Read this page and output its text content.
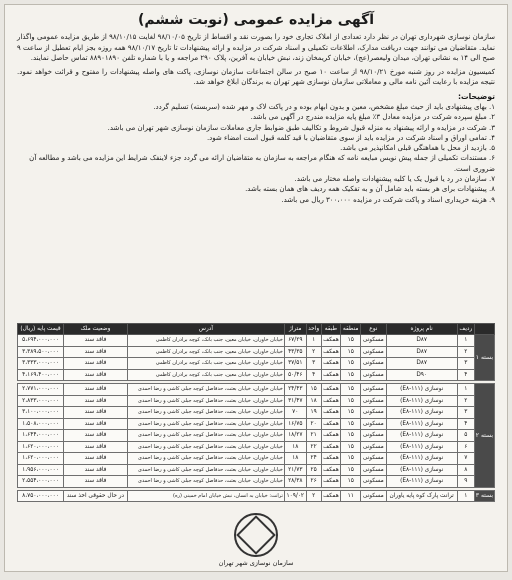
آگهی مزایده عمومی (نوبت ششم)

سازمان نوسازی شهرداری تهران در نظر دارد تعدادی از املاک تجاری خود را بصورت نقد و اقساط از تاریخ ۹۸/۱۰/۰۵ لغایت ۹۸/۱۰/۱۵ از طریق مزایده عمومی واگذار نماید. متقاضیان می توانند جهت دریافت مدارک، اطلاعات تکمیلی و اسناد شرکت در مزایده و ارائه پیشنهادات تا تاریخ ۹۸/۱۰/۱۷ همه روزه بجز ایام تعطیل از ساعت ۹ صبح الی ۱۴ به نشانی تهران، میدان ولیعصر(عج)، خیابان کریمخان زند، نبش خیابان به آفرین، پلاک ۲۹۰ مراجعه و یا با شماره تلفن ۸۸۹۰۱۸۹۰ تماس حاصل نمایند.

کمیسیون مزایده در روز شنبه مورخ ۹۸/۱۰/۲۱ از ساعت ۱۰ صبح در سالن اجتماعات سازمان نوسازی، پاکت های واصله پیشنهادات را مفتوح و قرائت خواهد نمود. نتیجه مزایده با رعایت آئین نامه مالی و معاملاتی سازمان نوسازی شهر تهران به برندگان ابلاغ خواهد شد.

توضیحات:
۱. بهای پیشنهادی باید از حیث مبلغ مشخص، معین و بدون ابهام بوده و در پاکت لاک و مهر شده (سربسته) تسلیم گردد.
۲. مبلغ سپرده شرکت در مزایده معادل ۳٪ مبلغ پایه مزایده مندرج در آگهی می باشد.
۳. شرکت در مزایده و ارائه پیشنهاد به منزله قبول شروط و تکالیف طبق ضوابط جاری معاملات سازمان نوسازی شهر تهران می باشد.
۴. تمامی اوراق و اسناد شرکت در مزایده باید از سوی متقاضیان با قید کلمه قبول است امضاء شود.
۵. بازدید از محل با هماهنگی قبلی امکانپذیر می باشد.
۶. مستندات تکمیلی از جمله پیش نویس مبایعه نامه که هنگام مراجعه به سازمان به متقاضیان ارائه می گردد جزء لاینفک شرایط این مزایده می باشد و مطالعه آن ضروری است.
۷. سازمان در رد یا قبول یک یا کلیه پیشنهادات واصله مختار می باشد.
۸. پیشنهادات برای هر بسته باید شامل آن و به تفکیک همه ردیف های همان بسته باشد.
۹. هزینه خریداری اسناد و پاکت شرکت در مزایده ۳۰۰،۰۰۰ ریال می باشد.
	ردیف	نام پروژه	نوع	منطقه	طبقه	واحد	متراژ	آدرس	وضعیت ملک	قیمت پایه (ریال)
بسته ۱	۱	D۸۷	مسکونی	۱۵	همکف	۱	۶۷/۲۹	خیابان خاوران، خیابان معین، جنب بانک، کوچه برادران کاظمی	فاقد سند	۵،۶۹۴،۰۰۰،۰۰۰
	۲	D۸۷	مسکونی	۱۵	همکف	۲	۴۳/۳۵	خیابان خاوران، خیابان معین، جنب بانک، کوچه برادران کاظمی	فاقد سند	۳،۳۸۹،۵۰۰،۰۰۰
	۳	D۸۷	مسکونی	۱۵	همکف	۳	۳۷/۵۱	خیابان خاوران، خیابان معین، جنب بانک، کوچه برادران کاظمی	فاقد سند	۳،۳۳۳،۰۰۰،۰۰۰
	۴	D۹۰	مسکونی	۱۵	همکف	۴	۵۰/۴۶	خیابان خاوران، خیابان معین، جنب بانک، کوچه برادران کاظمی	فاقد سند	۴،۱۶۹،۴۰۰،۰۰۰

بسته ۲	۱	نوسازی (۱۱۱-E۸)	مسکونی	۱۵	همکف	۱۵	۲۴/۴۳	خیابان خاوران، خیابان بعثت، حدفاصل کوچه جبلی کاشی و رضا احمدی	فاقد سند	۲،۷۷۱،۰۰۰،۰۰۰
	۲	نوسازی (۱۱۱-E۸)	مسکونی	۱۵	همکف	۱۸	۳۱/۴۷	خیابان خاوران، خیابان بعثت، حدفاصل کوچه جبلی کاشی و رضا احمدی	فاقد سند	۲،۸۳۳،۰۰۰،۰۰۰
	۳	نوسازی (۱۱۱-E۸)	مسکونی	۱۵	همکف	۱۹	۷۰	خیابان خاوران، خیابان بعثت، حدفاصل کوچه جبلی کاشی و رضا احمدی	فاقد سند	۳،۱۰۰،۰۰۰،۰۰۰
	۴	نوسازی (۱۱۱-E۸)	مسکونی	۱۵	همکف	۲۰	۱۶/۷۵	خیابان خاوران، خیابان بعثت، حدفاصل کوچه جبلی کاشی و رضا احمدی	فاقد سند	۱،۵۰۸،۰۰۰،۰۰۰
	۵	نوسازی (۱۱۱-E۸)	مسکونی	۱۵	همکف	۲۱	۱۸/۲۷	خیابان خاوران، خیابان بعثت، حدفاصل کوچه جبلی کاشی و رضا احمدی	فاقد سند	۱،۶۴۴،۰۰۰،۰۰۰
	۶	نوسازی (۱۱۱-E۸)	مسکونی	۱۵	همکف	۲۲	۱۸	خیابان خاوران، خیابان بعثت، حدفاصل کوچه جبلی کاشی و رضا احمدی	فاقد سند	۱،۶۲۰،۰۰۰،۰۰۰
	۷	نوسازی (۱۱۱-E۸)	مسکونی	۱۵	همکف	۲۴	۱۸	خیابان خاوران، خیابان بعثت، حدفاصل کوچه جبلی کاشی و رضا احمدی	فاقد سند	۱،۶۲۰،۰۰۰،۰۰۰
	۸	نوسازی (۱۱۱-E۸)	مسکونی	۱۵	همکف	۲۵	۲۱/۷۳	خیابان خاوران، خیابان بعثت، حدفاصل کوچه جبلی کاشی و رضا احمدی	فاقد سند	۱،۹۵۶،۰۰۰،۰۰۰
	۹	نوسازی (۱۱۱-E۸)	مسکونی	۱۵	همکف	۲۶	۲۸/۳۸	خیابان خاوران، خیابان بعثت، حدفاصل کوچه جبلی کاشی و رضا احمدی	فاقد سند	۲،۵۵۴،۰۰۰،۰۰۰

بسته ۳	۱	ترانت پارک کوه پایه یاوران	مسکونی	۱۱	همکف	۲	۱۰۹/۰۲	ترانت: خیابان به انسان، نبش خیابان امام خمینی (ره)	در حال حقوقی اخذ سند	۸،۷۵۰،۰۰۰،۰۰۰
سازمان نوسازی شهر تهران
